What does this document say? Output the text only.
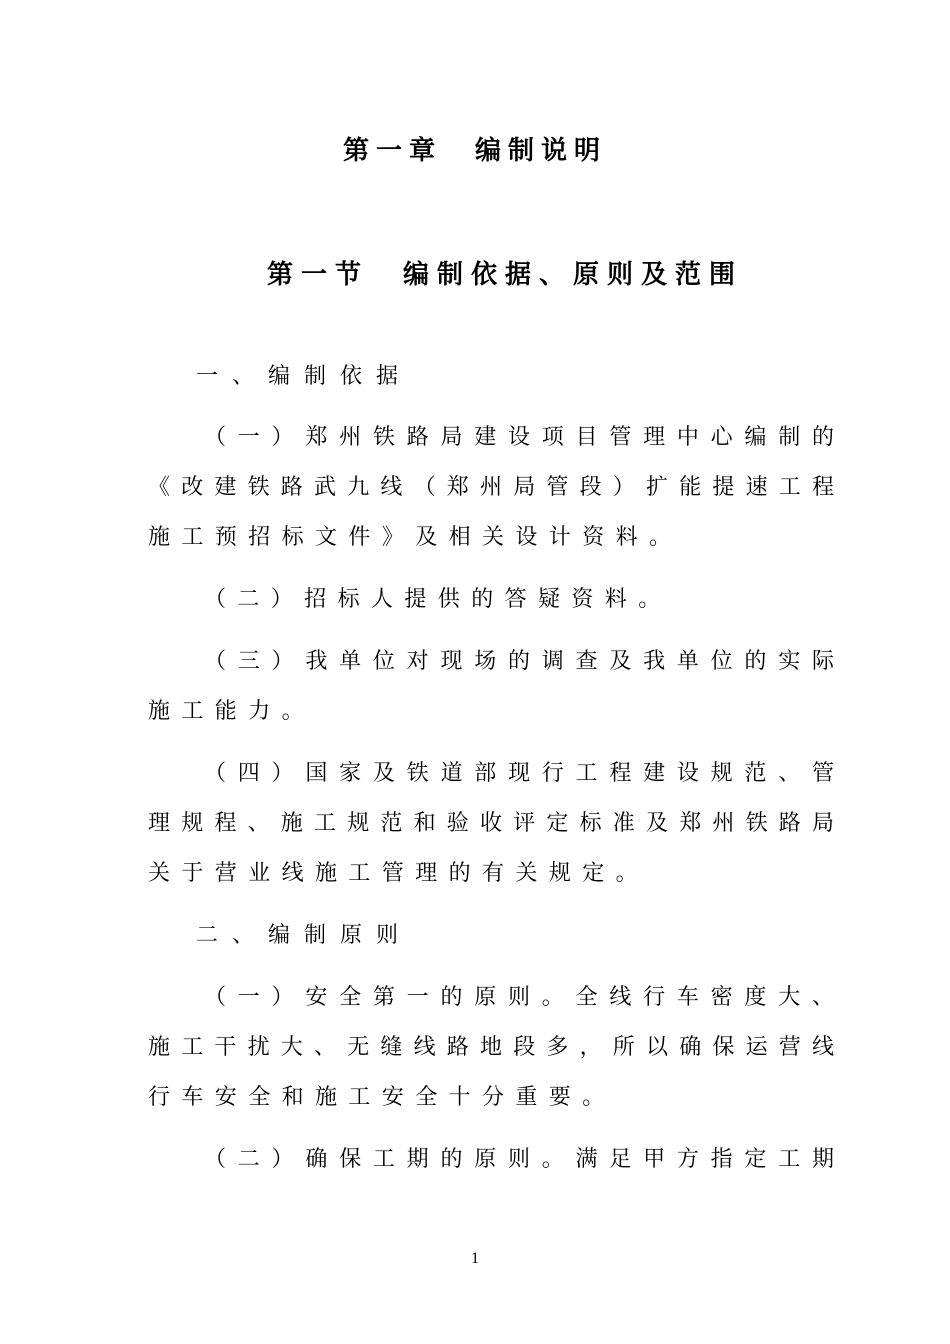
第一章　编制说明
第一节　编制依据、原则及范围
一、编制依据
（一）郑州铁路局建设项目管理中心编制的
《改建铁路武九线（郑州局管段）扩能提速工程
施工预招标文件》及相关设计资料。
（二）招标人提供的答疑资料。
（三）我单位对现场的调查及我单位的实际
施工能力。
（四）国家及铁道部现行工程建设规范、管
理规程、施工规范和验收评定标准及郑州铁路局
关于营业线施工管理的有关规定。
二、编制原则
（一）安全第一的原则。全线行车密度大、
施工干扰大、无缝线路地段多，所以确保运营线
行车安全和施工安全十分重要。
（二）确保工期的原则。满足甲方指定工期
1
